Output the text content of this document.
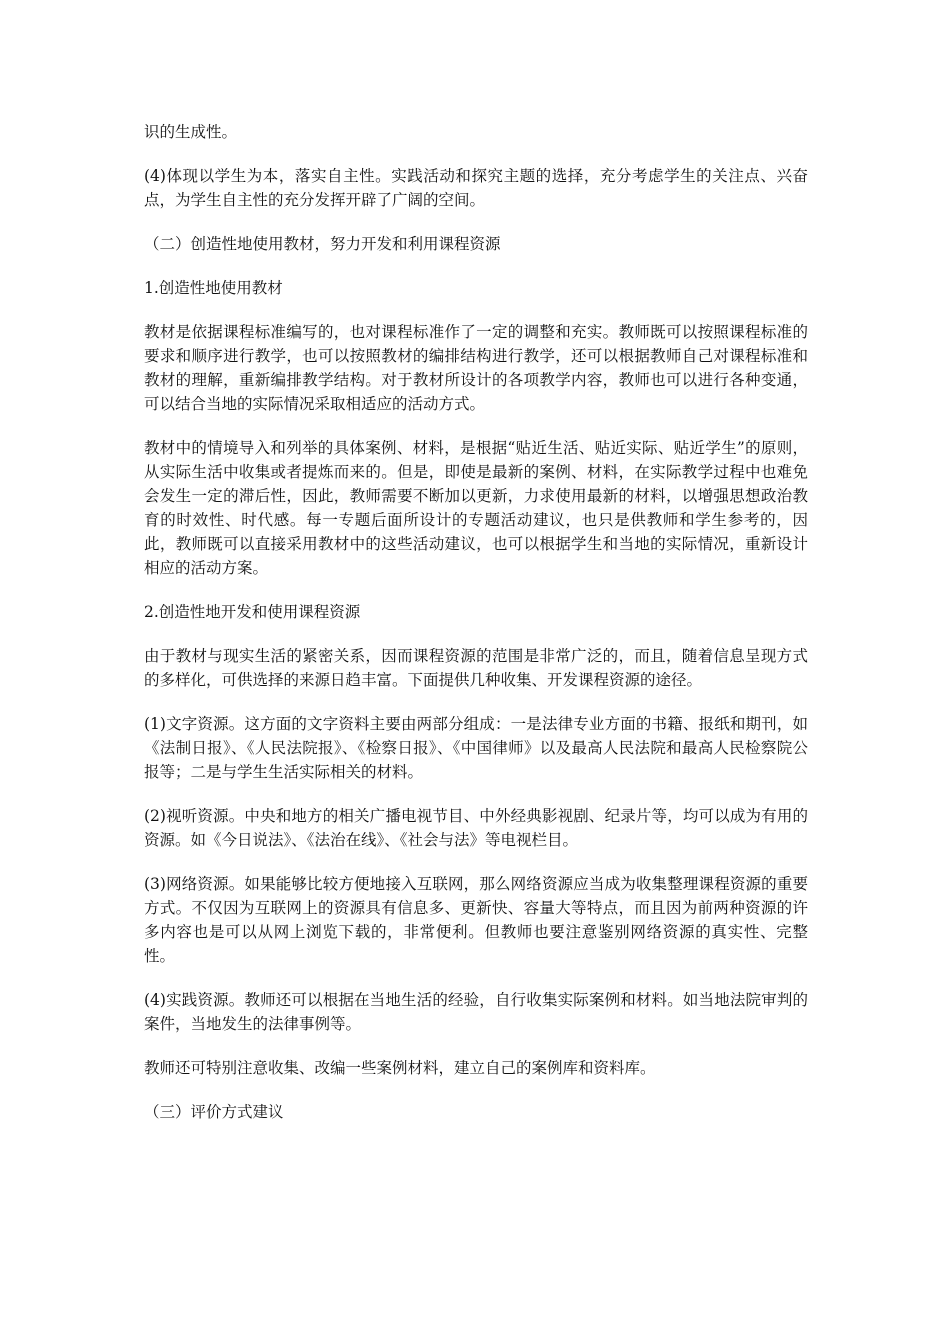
识的生成性。

(4)体现以学生为本，落实自主性。实践活动和探究主题的选择，充分考虑学生的关注点、兴奋点，为学生自主性的充分发挥开辟了广阔的空间。

（二）创造性地使用教材，努力开发和利用课程资源

1.创造性地使用教材

教材是依据课程标准编写的，也对课程标准作了一定的调整和充实。教师既可以按照课程标准的要求和顺序进行教学，也可以按照教材的编排结构进行教学，还可以根据教师自己对课程标准和教材的理解，重新编排教学结构。对于教材所设计的各项教学内容，教师也可以进行各种变通，可以结合当地的实际情况采取相适应的活动方式。

教材中的情境导入和列举的具体案例、材料，是根据“贴近生活、贴近实际、贴近学生”的原则，从实际生活中收集或者提炼而来的。但是，即使是最新的案例、材料，在实际教学过程中也难免会发生一定的滞后性，因此，教师需要不断加以更新，力求使用最新的材料，以增强思想政治教育的时效性、时代感。每一专题后面所设计的专题活动建议，也只是供教师和学生参考的，因此，教师既可以直接采用教材中的这些活动建议，也可以根据学生和当地的实际情况，重新设计相应的活动方案。

2.创造性地开发和使用课程资源

由于教材与现实生活的紧密关系，因而课程资源的范围是非常广泛的，而且，随着信息呈现方式的多样化，可供选择的来源日趋丰富。下面提供几种收集、开发课程资源的途径。

(1)文字资源。这方面的文字资料主要由两部分组成：一是法律专业方面的书籍、报纸和期刊，如《法制日报》、《人民法院报》、《检察日报》、《中国律师》以及最高人民法院和最高人民检察院公报等；二是与学生生活实际相关的材料。

(2)视听资源。中央和地方的相关广播电视节目、中外经典影视剧、纪录片等，均可以成为有用的资源。如《今日说法》、《法治在线》、《社会与法》等电视栏目。

(3)网络资源。如果能够比较方便地接入互联网，那么网络资源应当成为收集整理课程资源的重要方式。不仅因为互联网上的资源具有信息多、更新快、容量大等特点，而且因为前两种资源的许多内容也是可以从网上浏览下载的，非常便利。但教师也要注意鉴别网络资源的真实性、完整性。

(4)实践资源。教师还可以根据在当地生活的经验，自行收集实际案例和材料。如当地法院审判的案件，当地发生的法律事例等。

教师还可特别注意收集、改编一些案例材料，建立自己的案例库和资料库。

（三）评价方式建议
